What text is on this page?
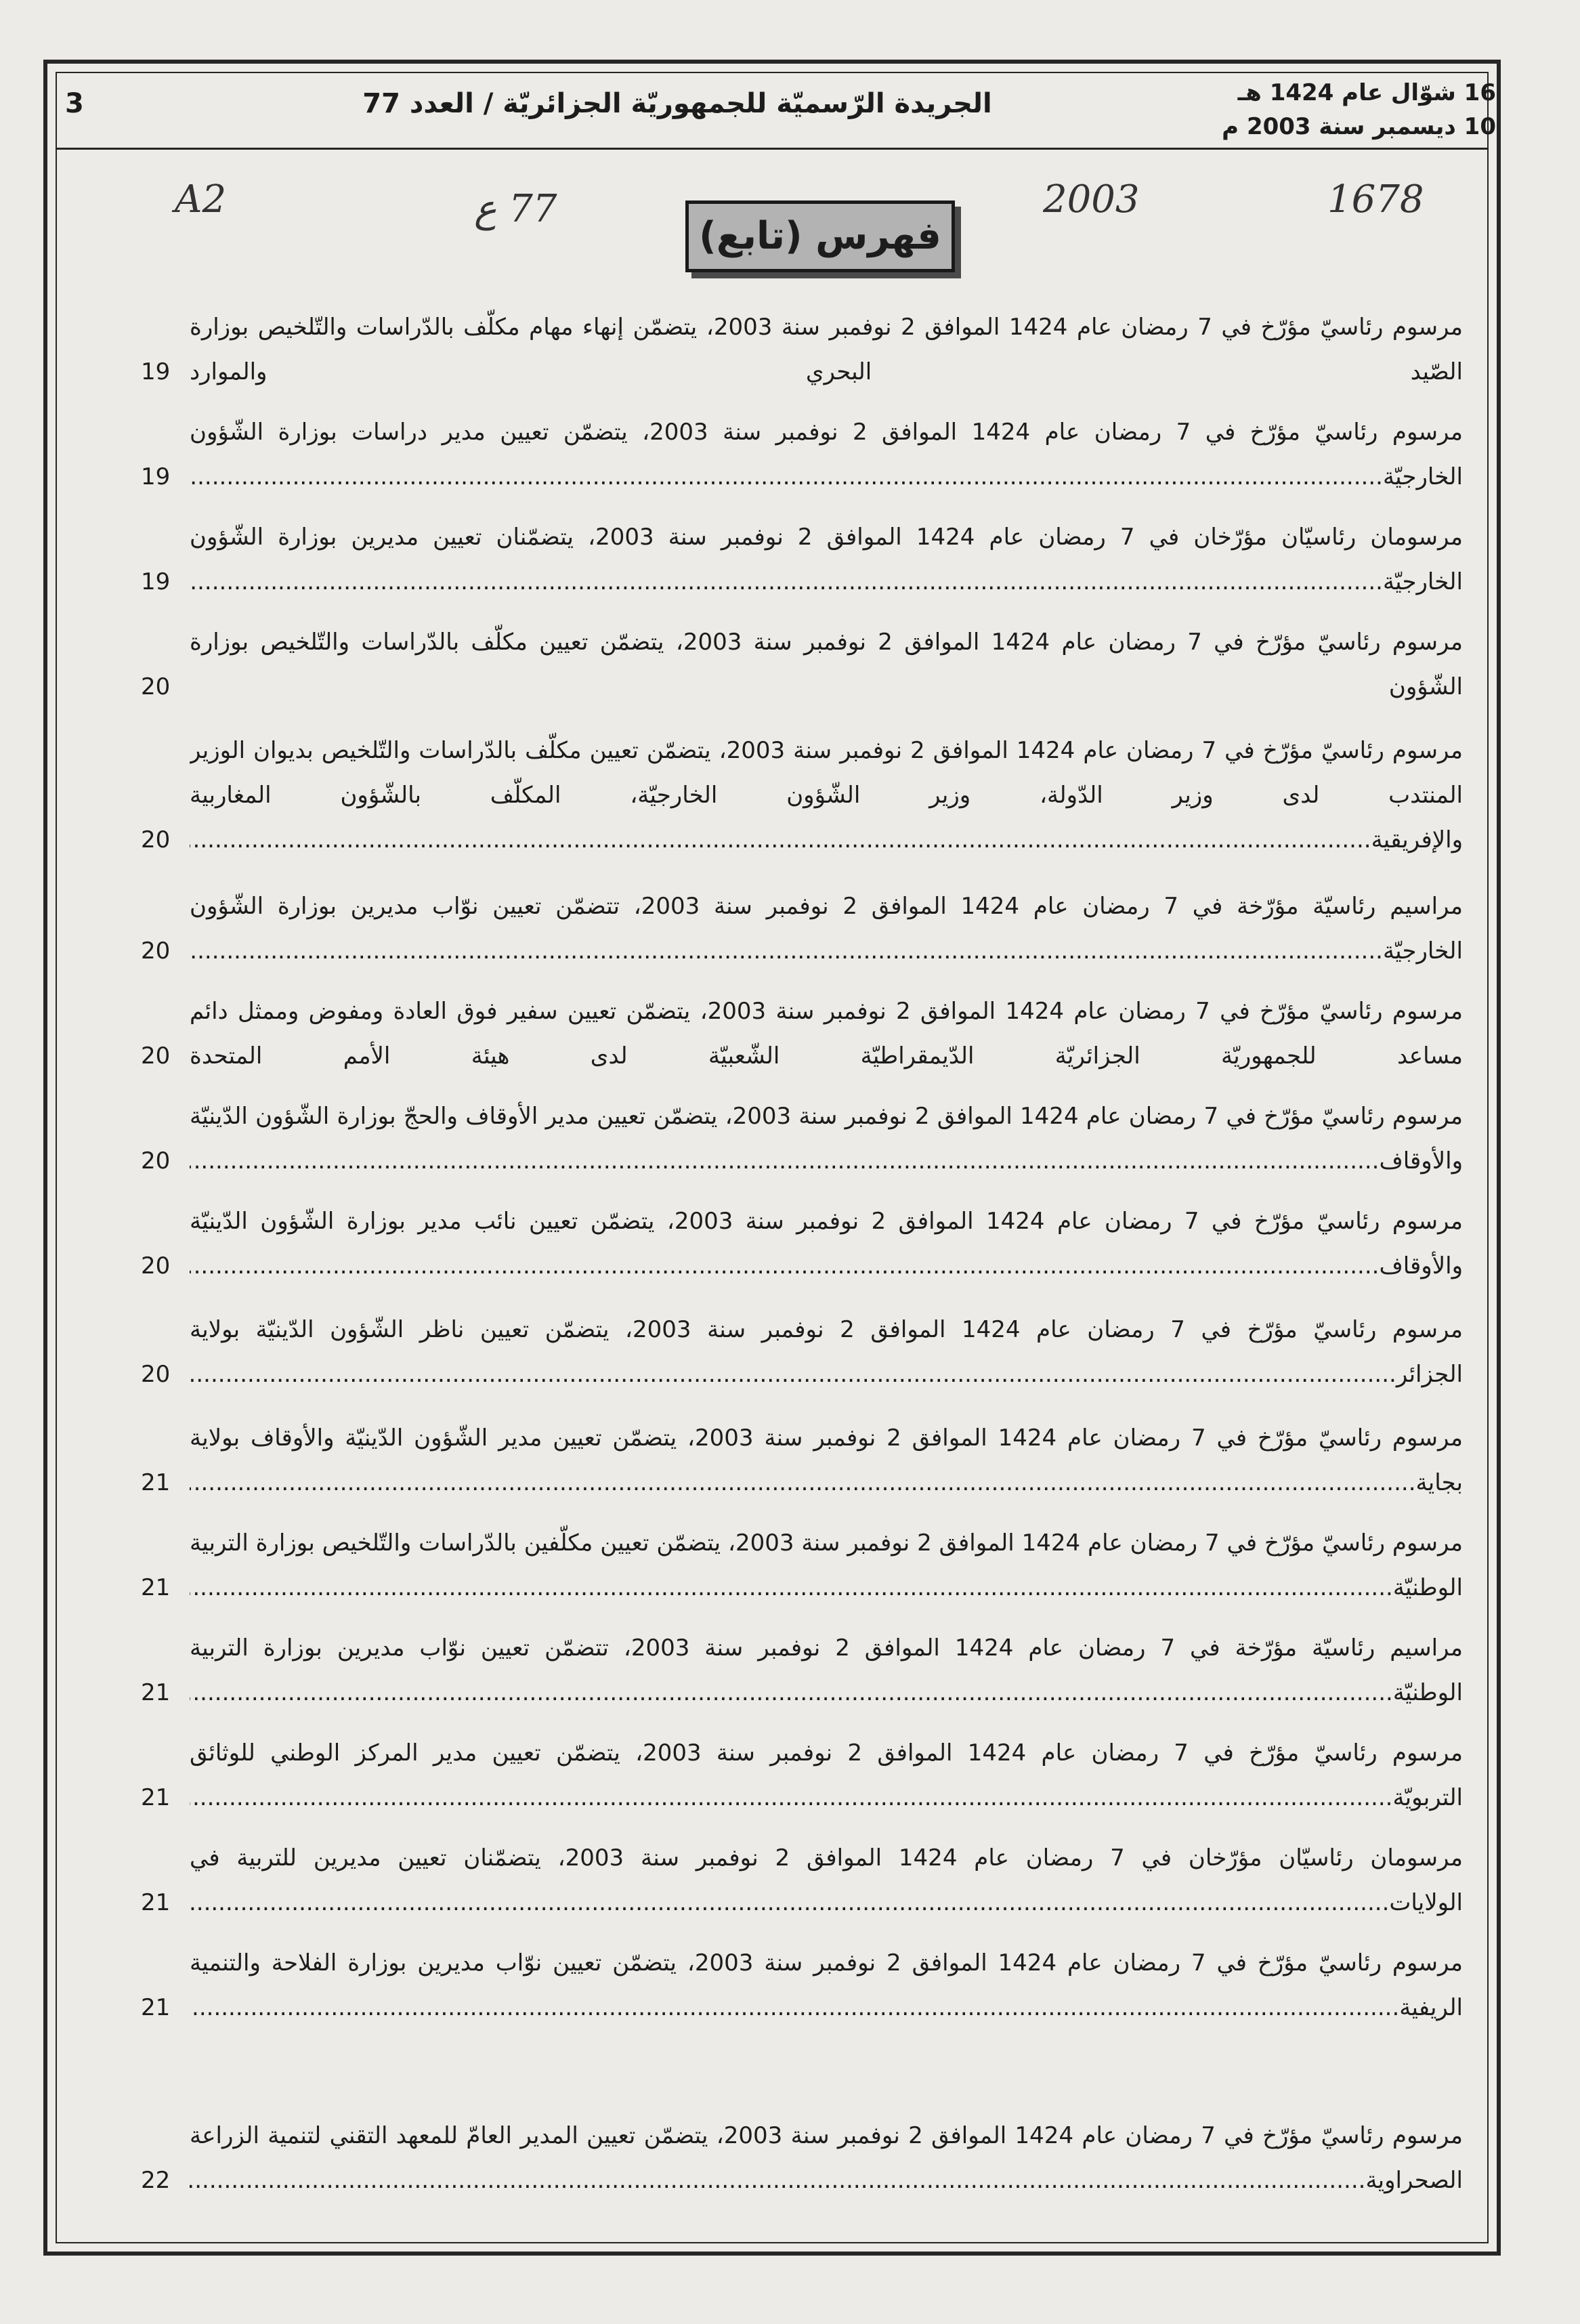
16 شوّال عام 1424 هـ
10 ديسمبر سنة 2003 م
الجريدة الرّسميّة للجمهوريّة الجزائريّة / العدد 77
3
A2	77 ع	2003	1678
فهرس (تابع)
مرسوم رئاسيّ مؤرّخ في 7 رمضان عام 1424 الموافق 2 نوفمبر سنة 2003، يتضمّن إنهاء مهام مكلّف بالدّراسات والتّلخيص بوزارة الصّيد البحري والموارد .....
19
مرسوم رئاسيّ مؤرّخ في 7 رمضان عام 1424 الموافق 2 نوفمبر سنة 2003، يتضمّن تعيين مدير دراسات بوزارة الشّؤون الخارجيّة .....
19
مرسومان رئاسيّان مؤرّخان في 7 رمضان عام 1424 الموافق 2 نوفمبر سنة 2003، يتضمّنان تعيين مديرين بوزارة الشّؤون الخارجيّة .....
19
مرسوم رئاسيّ مؤرّخ في 7 رمضان عام 1424 الموافق 2 نوفمبر سنة 2003، يتضمّن تعيين مكلّف بالدّراسات والتّلخيص بوزارة الشّؤون .....
20
مرسوم رئاسيّ مؤرّخ في 7 رمضان عام 1424 الموافق 2 نوفمبر سنة 2003، يتضمّن تعيين مكلّف بالدّراسات والتّلخيص بديوان الوزير المنتدب لدى وزير الدّولة، وزير الشّؤون الخارجيّة، المكلّف بالشّؤون المغاربية والإفريقية .....
20
مراسيم رئاسيّة مؤرّخة في 7 رمضان عام 1424 الموافق 2 نوفمبر سنة 2003، تتضمّن تعيين نوّاب مديرين بوزارة الشّؤون الخارجيّة .....
20
مرسوم رئاسيّ مؤرّخ في 7 رمضان عام 1424 الموافق 2 نوفمبر سنة 2003، يتضمّن تعيين سفير فوق العادة ومفوض وممثل دائم مساعد للجمهوريّة الجزائريّة الدّيمقراطيّة الشّعبيّة لدى هيئة الأمم المتحدة .....
20
مرسوم رئاسيّ مؤرّخ في 7 رمضان عام 1424 الموافق 2 نوفمبر سنة 2003، يتضمّن تعيين مدير الأوقاف والحجّ بوزارة الشّؤون الدّينيّة والأوقاف .....
20
مرسوم رئاسيّ مؤرّخ في 7 رمضان عام 1424 الموافق 2 نوفمبر سنة 2003، يتضمّن تعيين نائب مدير بوزارة الشّؤون الدّينيّة والأوقاف .....
20
مرسوم رئاسيّ مؤرّخ في 7 رمضان عام 1424 الموافق 2 نوفمبر سنة 2003، يتضمّن تعيين ناظر الشّؤون الدّينيّة بولاية الجزائر .....
20
مرسوم رئاسيّ مؤرّخ في 7 رمضان عام 1424 الموافق 2 نوفمبر سنة 2003، يتضمّن تعيين مدير الشّؤون الدّينيّة والأوقاف بولاية بجاية .....
21
مرسوم رئاسيّ مؤرّخ في 7 رمضان عام 1424 الموافق 2 نوفمبر سنة 2003، يتضمّن تعيين مكلّفين بالدّراسات والتّلخيص بوزارة التربية الوطنيّة .....
21
مراسيم رئاسيّة مؤرّخة في 7 رمضان عام 1424 الموافق 2 نوفمبر سنة 2003، تتضمّن تعيين نوّاب مديرين بوزارة التربية الوطنيّة .....
21
مرسوم رئاسيّ مؤرّخ في 7 رمضان عام 1424 الموافق 2 نوفمبر سنة 2003، يتضمّن تعيين مدير المركز الوطني للوثائق التربويّة .....
21
مرسومان رئاسيّان مؤرّخان في 7 رمضان عام 1424 الموافق 2 نوفمبر سنة 2003، يتضمّنان تعيين مديرين للتربية في الولايات .....
21
مرسوم رئاسيّ مؤرّخ في 7 رمضان عام 1424 الموافق 2 نوفمبر سنة 2003، يتضمّن تعيين نوّاب مديرين بوزارة الفلاحة والتنمية الريفية .....
21
مرسوم رئاسيّ مؤرّخ في 7 رمضان عام 1424 الموافق 2 نوفمبر سنة 2003، يتضمّن تعيين المدير العامّ للمعهد التقني لتنمية الزراعة الصحراوية .....
22
